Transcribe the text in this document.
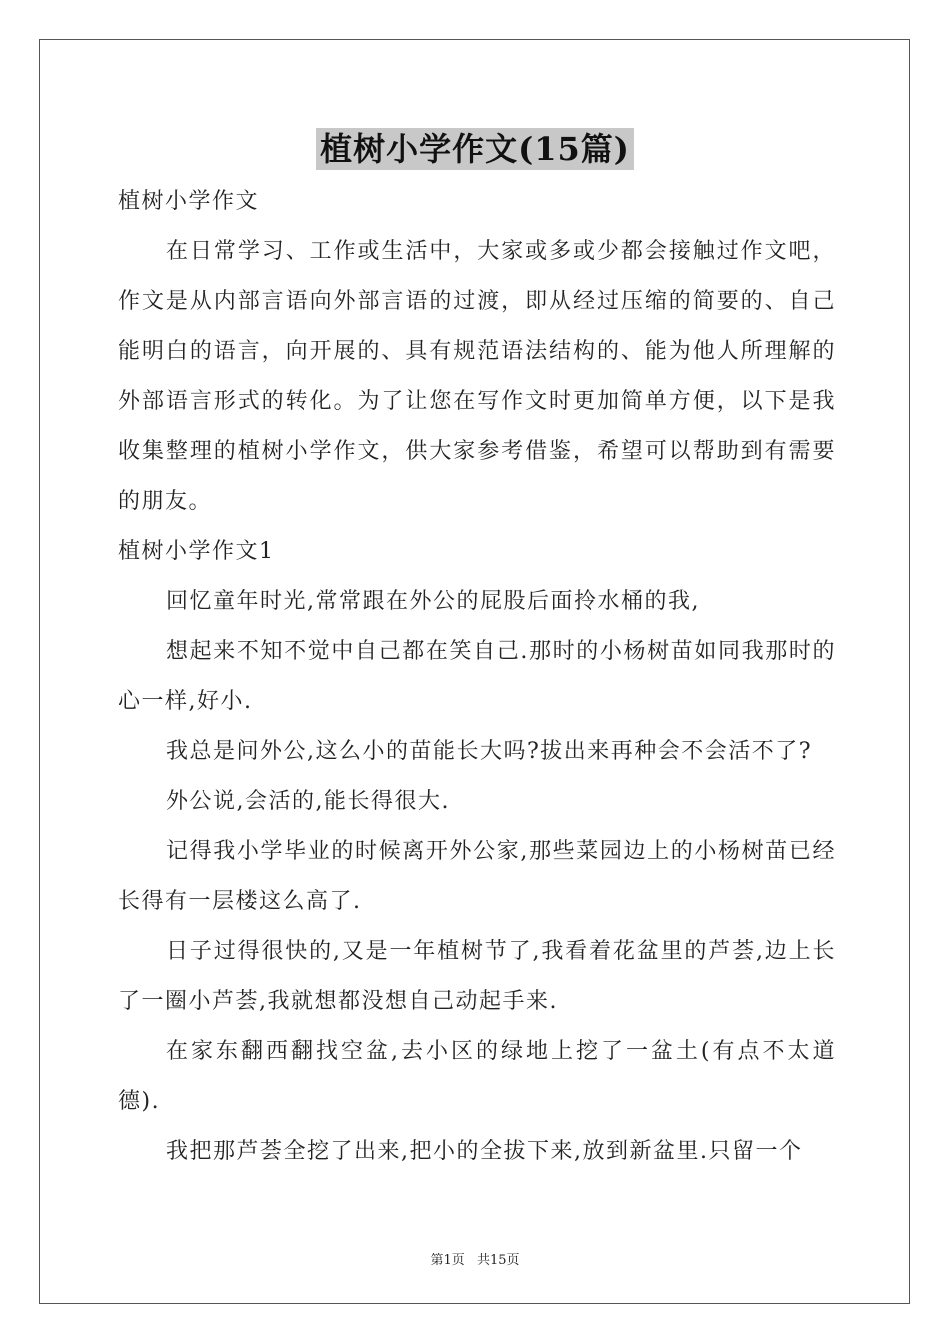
植树小学作文(15篇)

植树小学作文

在日常学习、工作或生活中，大家或多或少都会接触过作文吧，作文是从内部言语向外部言语的过渡，即从经过压缩的简要的、自己能明白的语言，向开展的、具有规范语法结构的、能为他人所理解的外部语言形式的转化。为了让您在写作文时更加简单方便，以下是我收集整理的植树小学作文，供大家参考借鉴，希望可以帮助到有需要的朋友。

植树小学作文1

回忆童年时光,常常跟在外公的屁股后面拎水桶的我,

想起来不知不觉中自己都在笑自己.那时的小杨树苗如同我那时的心一样,好小.

我总是问外公,这么小的苗能长大吗?拔出来再种会不会活不了?

外公说,会活的,能长得很大.

记得我小学毕业的时候离开外公家,那些菜园边上的小杨树苗已经长得有一层楼这么高了.

日子过得很快的,又是一年植树节了,我看着花盆里的芦荟,边上长了一圈小芦荟,我就想都没想自己动起手来.

在家东翻西翻找空盆,去小区的绿地上挖了一盆土(有点不太道德).

我把那芦荟全挖了出来,把小的全拔下来,放到新盆里.只留一个

第1页 共15页
